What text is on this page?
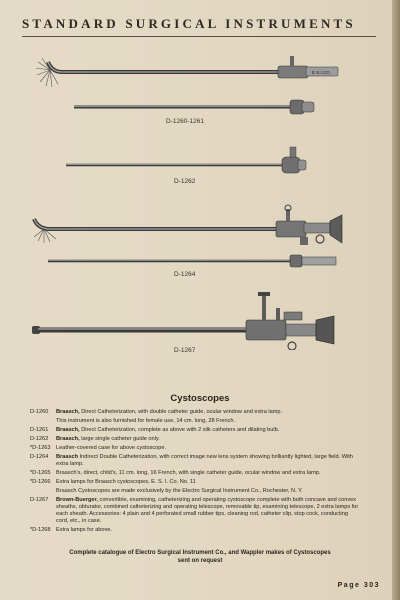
STANDARD SURGICAL INSTRUMENTS
E.S.I.CO
D-1260-1261
D-1262
D-1264
D-1267
Cystoscopes
D-1260	Braasch, Direct Catheterization, with double catheter guide, ocular window and extra lamp.
This instrument is also furnished for female use, 14 cm. long, 28 French.
D-1261	Braasch, Direct Catheterization, complete as above with 2 silk catheters and dilating bulb.
D-1262	Braasch, large single catheter guide only.
*D-1263 Leather-covered case for above cystoscope.
D-1264	Braasch Indirect Double Catheterization, with correct image new lens system showing brilliantly lighted, large field. With extra lamp.
*D-1265 Braasch's, direct, child's, 11 cm. long, 16 French, with single catheter guide, ocular window and extra lamp.
*D-1266 Extra lamps for Braasch cystoscopes, E. S. I. Co. No. 11
Braasch Cystoscopes are made exclusively by the Electro Surgical Instrument Co., Rochester, N. Y.
D-1267	Brown-Buerger, convertible, examining, catheterizing and operating cystoscope complete with both concave and convex sheaths, obturator, combined catheterizing and operating telescope, removable tip, examining telescope, 2 extra lamps for each sheath. Accessories: 4 plain and 4 perforated small rubber tips, cleaning rod, catheter clip, stop cock, conducting cord, etc., in case.
*D-1268 Extra lamps for above.
Complete catalogue of Electro Surgical Instrument Co., and Wappler makes of Cystoscopes
sent on request
Page 303
